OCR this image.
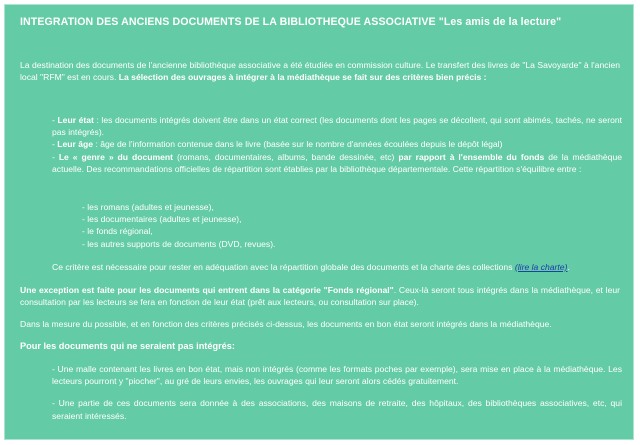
INTEGRATION DES ANCIENS DOCUMENTS DE LA BIBLIOTHEQUE ASSOCIATIVE "Les amis de la lecture"
La destination des documents de l'ancienne bibliothèque associative a été étudiée en commission culture. Le transfert des livres de "La Savoyarde" à l'ancien local "RFM" est en cours. La sélection des ouvrages à intégrer à la médiathèque se fait sur des critères bien précis :
- Leur état : les documents intégrés doivent être dans un état correct (les documents dont les pages se décollent, qui sont abimés, tachés, ne seront pas intégrés).
- Leur âge : âge de l'information contenue dans le livre (basée sur le nombre d'années écoulées depuis le dépôt légal)
- Le « genre » du document (romans, documentaires, albums, bande dessinée, etc) par rapport à l'ensemble du fonds de la médiathèque actuelle. Des recommandations officielles de répartition sont établies par la bibliothèque départementale. Cette répartition s'équilibre entre :
- les romans (adultes et jeunesse),
- les documentaires (adultes et jeunesse),
- le fonds régional,
- les autres supports de documents (DVD, revues).
Ce critère est nécessaire pour rester en adéquation avec la répartition globale des documents et la charte des collections (lire la charte).
Une exception est faite pour les documents qui entrent dans la catégorie "Fonds régional". Ceux-là seront tous intégrés dans la médiathèque, et leur consultation par les lecteurs se fera en fonction de leur état (prêt aux lecteurs, ou consultation sur place).
Dans la mesure du possible, et en fonction des critères précisés ci-dessus, les documents en bon état seront intégrés dans la médiathèque.
Pour les documents qui ne seraient pas intégrés:
- Une malle contenant les livres en bon état, mais non intégrés (comme les formats poches par exemple), sera mise en place à la médiathèque. Les lecteurs pourront y "piocher", au gré de leurs envies, les ouvrages qui leur seront alors cédés gratuitement.
- Une partie de ces documents sera donnée à des associations, des maisons de retraite, des hôpitaux, des bibliothèques associatives, etc, qui seraient intéressés.
